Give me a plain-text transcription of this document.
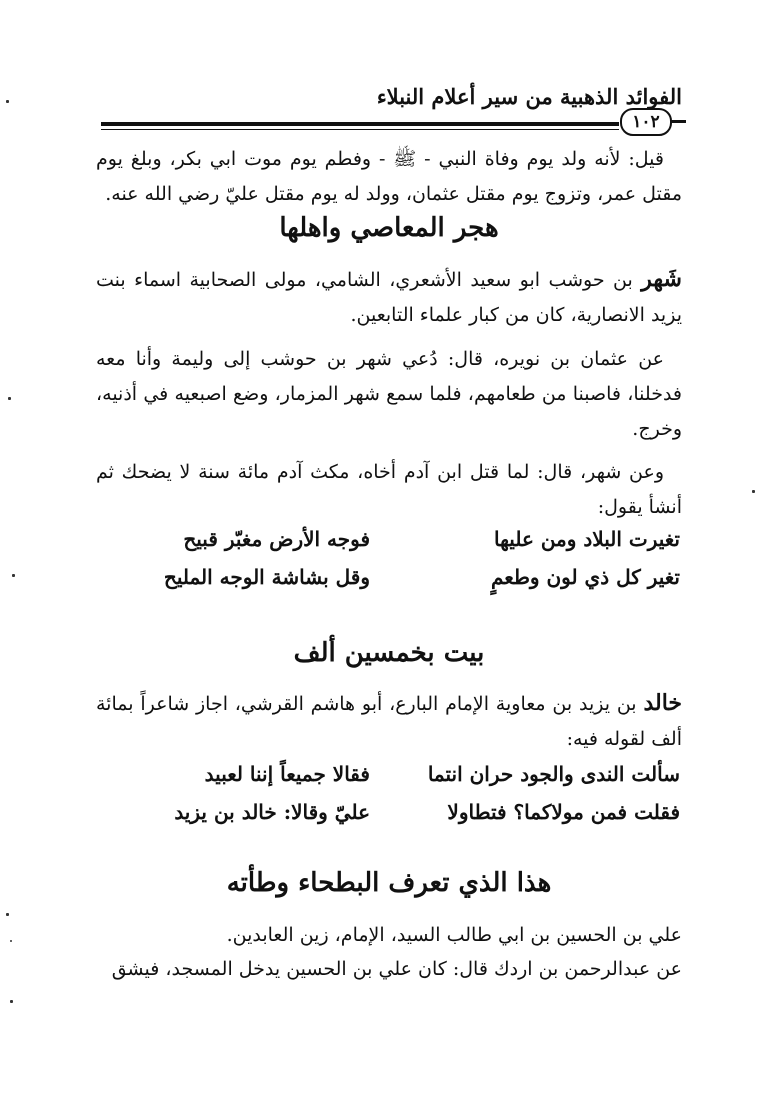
الفوائد الذهبية من سير أعلام النبلاء
١٠٢
قيل: لأنه ولد يوم وفاة النبي - ﷺ - وفطم يوم موت ابي بكر، وبلغ يوم مقتل عمر، وتزوج يوم مقتل عثمان، وولد له يوم مقتل عليّ رضي الله عنه.
هجر المعاصي واهلها
شَهر بن حوشب ابو سعيد الأشعري، الشامي، مولى الصحابية اسماء بنت يزيد الانصارية، كان من كبار علماء التابعين.
عن عثمان بن نويره، قال: دُعي شهر بن حوشب إلى وليمة وأنا معه فدخلنا، فاصبنا من طعامهم، فلما سمع شهر المزمار، وضع اصبعيه في أذنيه، وخرج.
وعن شهر، قال: لما قتل ابن آدم أخاه، مكث آدم مائة سنة لا يضحك ثم أنشأ يقول:
تغيرت البلاد ومن عليها
فوجه الأرض مغبّر قبيح
تغير كل ذي لون وطعمٍ
وقل بشاشة الوجه المليح
بيت بخمسين ألف
خالد بن يزيد بن معاوية الإمام البارع، أبو هاشم القرشي، اجاز شاعراً بمائة ألف لقوله فيه:
سألت الندى والجود حران انتما
فقالا جميعاً إننا لعبيد
فقلت فمن مولاكما؟ فتطاولا
عليّ وقالا: خالد بن يزيد
هذا الذي تعرف البطحاء وطأته
علي بن الحسين بن ابي طالب السيد، الإمام، زين العابدين.
عن عبدالرحمن بن اردك قال: كان علي بن الحسين يدخل المسجد، فيشق
